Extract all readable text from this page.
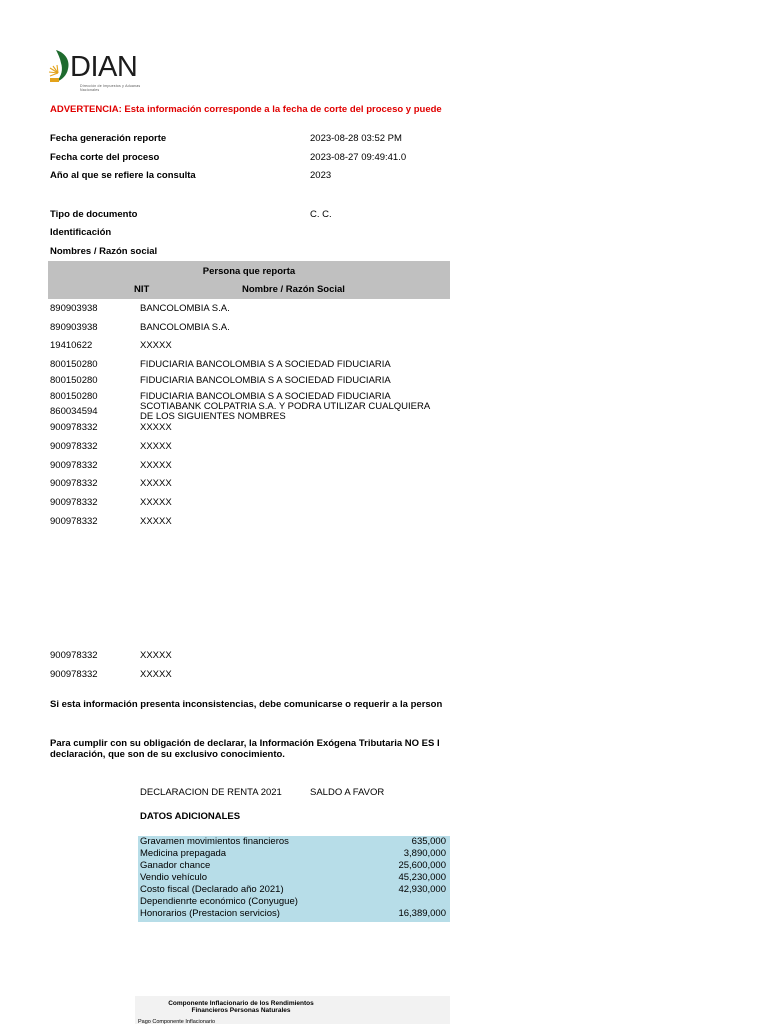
DIAN
Dirección de Impuestos y Aduanas Nacionales
ADVERTENCIA: Esta información corresponde a la fecha de corte del proceso y puede
Fecha generación reporte	2023-08-28 03:52 PM
Fecha corte del proceso	2023-08-27 09:49:41.0
Año al que se refiere la consulta	2023
Tipo de documento	C. C.
Identificación
Nombres / Razón social
Persona que reporta
NIT	Nombre / Razón Social
890903938	BANCOLOMBIA S.A.
890903938	BANCOLOMBIA S.A.
19410622	XXXXX
800150280	FIDUCIARIA BANCOLOMBIA S A SOCIEDAD FIDUCIARIA
800150280	FIDUCIARIA BANCOLOMBIA S A SOCIEDAD FIDUCIARIA
800150280	FIDUCIARIA BANCOLOMBIA S A SOCIEDAD FIDUCIARIA
860034594	SCOTIABANK COLPATRIA S.A. Y PODRA UTILIZAR CUALQUIERA
DE LOS SIGUIENTES NOMBRES
900978332	XXXXX
900978332	XXXXX
900978332	XXXXX
900978332	XXXXX
900978332	XXXXX
900978332	XXXXX
900978332	XXXXX
900978332	XXXXX
Si esta información presenta inconsistencias, debe comunicarse o requerir a la person
Para cumplir con su obligación de declarar, la Información Exógena Tributaria NO ES I
declaración, que son de su exclusivo conocimiento.
DECLARACION DE RENTA 2021	SALDO A FAVOR
DATOS ADICIONALES
Gravamen movimientos financieros	635,000
Medicina prepagada	3,890,000
Ganador chance	25,600,000
Vendio vehículo	45,230,000
Costo fiscal (Declarado año 2021)	42,930,000
Dependienrte económico (Conyugue)
Honorarios (Prestacion servicios)	16,389,000
Componente Inflacionario de los Rendimientos
Financieros Personas Naturales
Pago Componente Inflacionario
